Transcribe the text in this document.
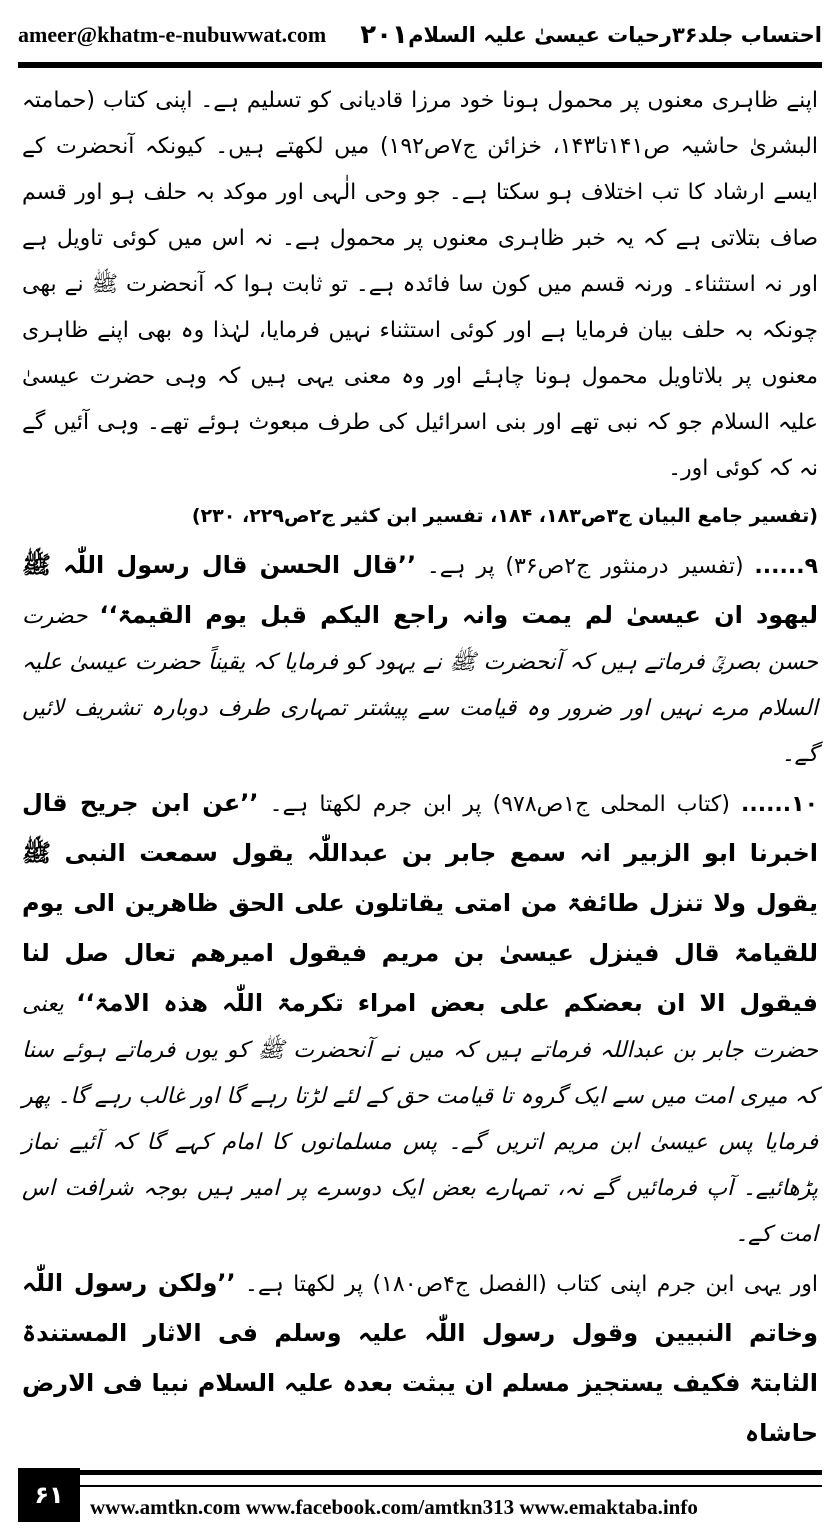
ameer@khatm-e-nubuwwat.com ۲۰۱ احتساب جلد۳۶رحیات عیسیٰ علیہ السلام

اپنے ظاہری معنوں پر محمول ہونا خود مرزا قادیانی کو تسلیم ہے۔ اپنی کتاب (حمامتہ البشریٰ حاشیہ ص۱۴۱تا۱۴۳، خزائن ج۷ص۱۹۲) میں لکھتے ہیں۔ کیونکہ آنحضرت کے ایسے ارشاد کا تب اختلاف ہو سکتا ہے۔ جو وحی الٰہی اور موکد بہ حلف ہو اور قسم صاف بتلاتی ہے کہ یہ خبر ظاہری معنوں پر محمول ہے۔ نہ اس میں کوئی تاویل ہے اور نہ استثناء۔ ورنہ قسم میں کون سا فائدہ ہے۔ تو ثابت ہوا کہ آنحضرت ﷺ نے بھی چونکہ بہ حلف بیان فرمایا ہے اور کوئی استثناء نہیں فرمایا، لہٰذا وہ بھی اپنے ظاہری معنوں پر بلاتاویل محمول ہونا چاہئے اور وہ معنی یہی ہیں کہ وہی حضرت عیسیٰ علیہ السلام جو کہ نبی تھے اور بنی اسرائیل کی طرف مبعوث ہوئے تھے۔ وہی آئیں گے نہ کہ کوئی اور۔

(تفسیر جامع البیان ج۳ص۱۸۳، ۱۸۴، تفسیر ابن کثیر ج۲ص۲۲۹، ۲۳۰)

۹...... (تفسیر درمنثور ج۲ص۳۶) پر ہے۔ ’’قال الحسن قال رسول اللّٰہ ﷺ لیھود ان عیسیٰ لم یمت وانہ راجع الیکم قبل یوم القیمۃ‘‘ حضرت حسن بصریؒ فرماتے ہیں کہ آنحضرت ﷺ نے یہود کو فرمایا کہ یقیناً حضرت عیسیٰ علیہ السلام مرے نہیں اور ضرور وہ قیامت سے پیشتر تمہاری طرف دوبارہ تشریف لائیں گے۔

۱۰...... (کتاب المحلی ج۱ص۹۷۸) پر ابن جرم لکھتا ہے۔ ’’عن ابن جریح قال اخبرنا ابو الزبیر انہ سمع جابر بن عبداللّٰہ یقول سمعت النبی ﷺ یقول ولا تنزل طائفۃ من امتی یقاتلون علی الحق ظاھرین الی یوم للقیامۃ قال فینزل عیسیٰ بن مریم فیقول امیرھم تعال صل لنا فیقول الا ان بعضکم علی بعض امراء تکرمۃ اللّٰہ ھذہ الامۃ‘‘ یعنی حضرت جابر بن عبداللہ فرماتے ہیں کہ میں نے آنحضرت ﷺ کو یوں فرماتے ہوئے سنا کہ میری امت میں سے ایک گروہ تا قیامت حق کے لئے لڑتا رہے گا اور غالب رہے گا۔ پھر فرمایا پس عیسیٰ ابن مریم اتریں گے۔ پس مسلمانوں کا امام کہے گا کہ آئیے نماز پڑھائیے۔ آپ فرمائیں گے نہ، تمہارے بعض ایک دوسرے پر امیر ہیں بوجہ شرافت اس امت کے۔

اور یہی ابن جرم اپنی کتاب (الفصل ج۴ص۱۸۰) پر لکھتا ہے۔ ’’ولکن رسول اللّٰہ وخاتم النبیین وقول رسول اللّٰہ علیہ وسلم فی الاثار المستندۃ الثابتۃ فکیف یستجیز مسلم ان یبثت بعدہ علیہ السلام نبیا فی الارض حاشاہ

۶۱	www.amtkn.com www.facebook.com/amtkn313 www.emaktaba.info
